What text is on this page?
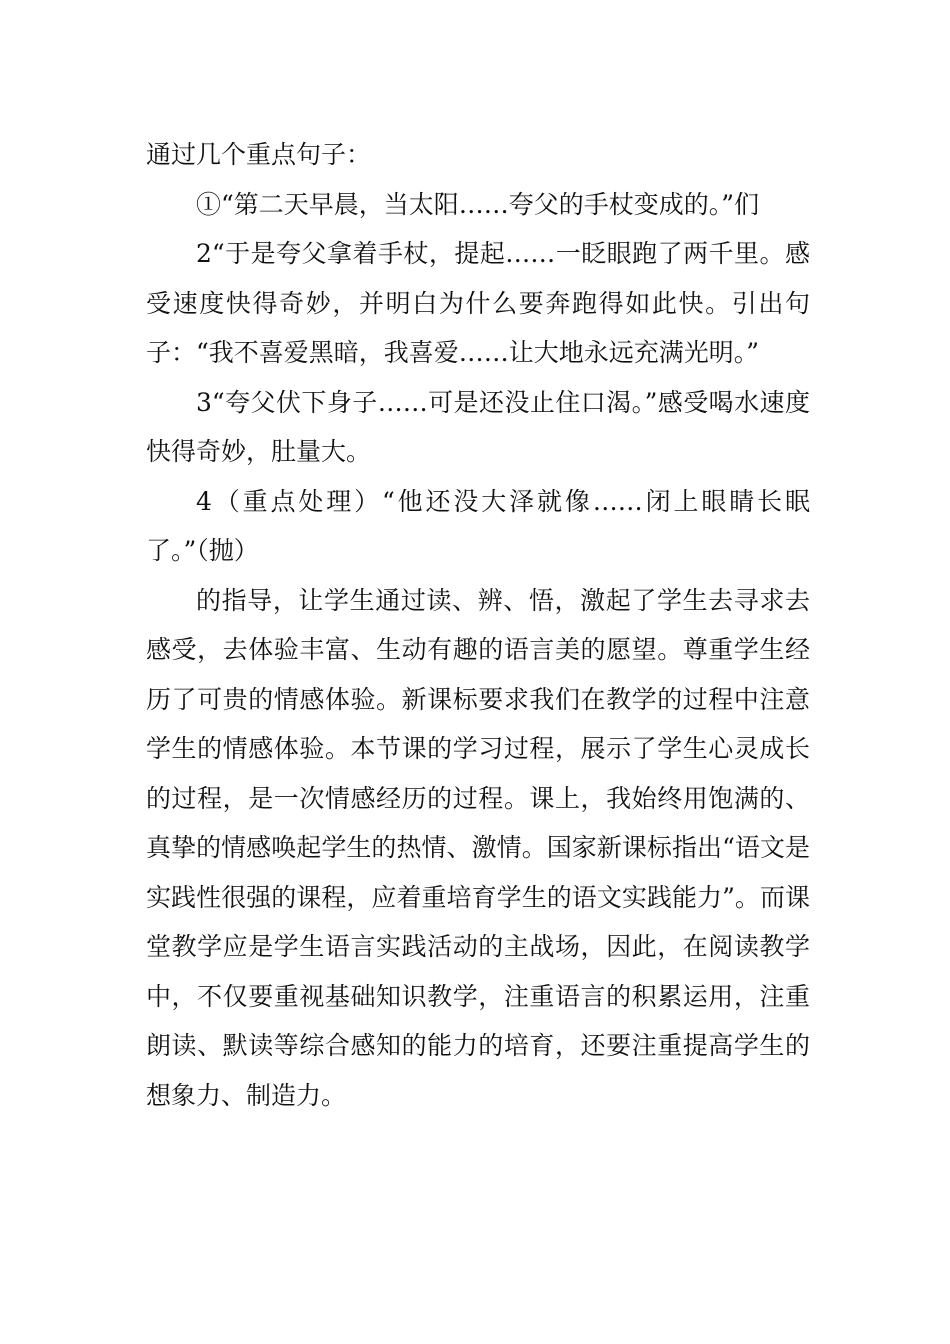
通过几个重点句子：

①“第二天早晨，当太阳……夸父的手杖变成的。”们

2“于是夸父拿着手杖，提起……一眨眼跑了两千里。感受速度快得奇妙，并明白为什么要奔跑得如此快。引出句子：“我不喜爱黑暗，我喜爱……让大地永远充满光明。”

3“夸父伏下身子……可是还没止住口渴。”感受喝水速度快得奇妙，肚量大。

4（重点处理）“他还没大泽就像……闭上眼睛长眠了。”（抛）

的指导，让学生通过读、辨、悟，激起了学生去寻求去感受，去体验丰富、生动有趣的语言美的愿望。尊重学生经历了可贵的情感体验。新课标要求我们在教学的过程中注意学生的情感体验。本节课的学习过程，展示了学生心灵成长的过程，是一次情感经历的过程。课上，我始终用饱满的、真挚的情感唤起学生的热情、激情。国家新课标指出“语文是实践性很强的课程，应着重培育学生的语文实践能力”。而课堂教学应是学生语言实践活动的主战场，因此，在阅读教学中，不仅要重视基础知识教学，注重语言的积累运用，注重朗读、默读等综合感知的能力的培育，还要注重提高学生的想象力、制造力。
